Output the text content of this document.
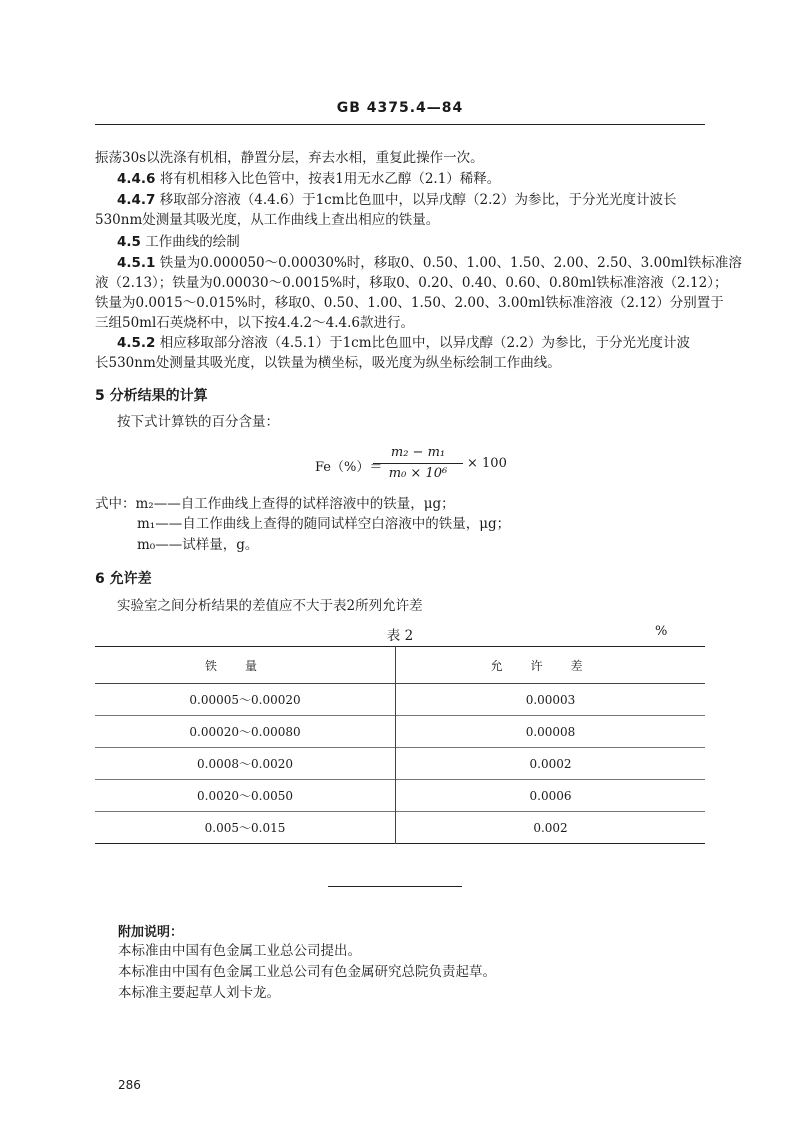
GB 4375.4—84
振荡30s以洗涤有机相，静置分层，弃去水相，重复此操作一次。
4.4.6 将有机相移入比色管中，按表1用无水乙醇（2.1）稀释。
4.4.7 移取部分溶液（4.4.6）于1cm比色皿中，以异戊醇（2.2）为参比，于分光光度计波长
530nm处测量其吸光度，从工作曲线上查出相应的铁量。
4.5 工作曲线的绘制
4.5.1 铁量为0.000050～0.00030%时，移取0、0.50、1.00、1.50、2.00、2.50、3.00ml铁标准溶
液（2.13）；铁量为0.00030～0.0015%时，移取0、0.20、0.40、0.60、0.80ml铁标准溶液（2.12）；
铁量为0.0015～0.015%时，移取0、0.50、1.00、1.50、2.00、3.00ml铁标准溶液（2.12）分别置于
三组50ml石英烧杯中，以下按4.4.2～4.4.6款进行。
4.5.2 相应移取部分溶液（4.5.1）于1cm比色皿中，以异戊醇（2.2）为参比，于分光光度计波
长530nm处测量其吸光度，以铁量为横坐标，吸光度为纵坐标绘制工作曲线。
5 分析结果的计算
按下式计算铁的百分含量：
Fe（%）＝
m₂ − m₁
m₀ × 10⁶
× 100
式中：m₂——自工作曲线上查得的试样溶液中的铁量，μg；
m₁——自工作曲线上查得的随同试样空白溶液中的铁量，μg；
m₀——试样量，g。
6 允许差
实验室之间分析结果的差值应不大于表2所列允许差
表 2	%
铁量	允许差
0.00005～0.00020	0.00003
0.00020～0.00080	0.00008
0.0008～0.0020	0.0002
0.0020～0.0050	0.0006
0.005～0.015	0.002
附加说明：
本标准由中国有色金属工业总公司提出。
本标准由中国有色金属工业总公司有色金属研究总院负责起草。
本标准主要起草人刘卡龙。
286
